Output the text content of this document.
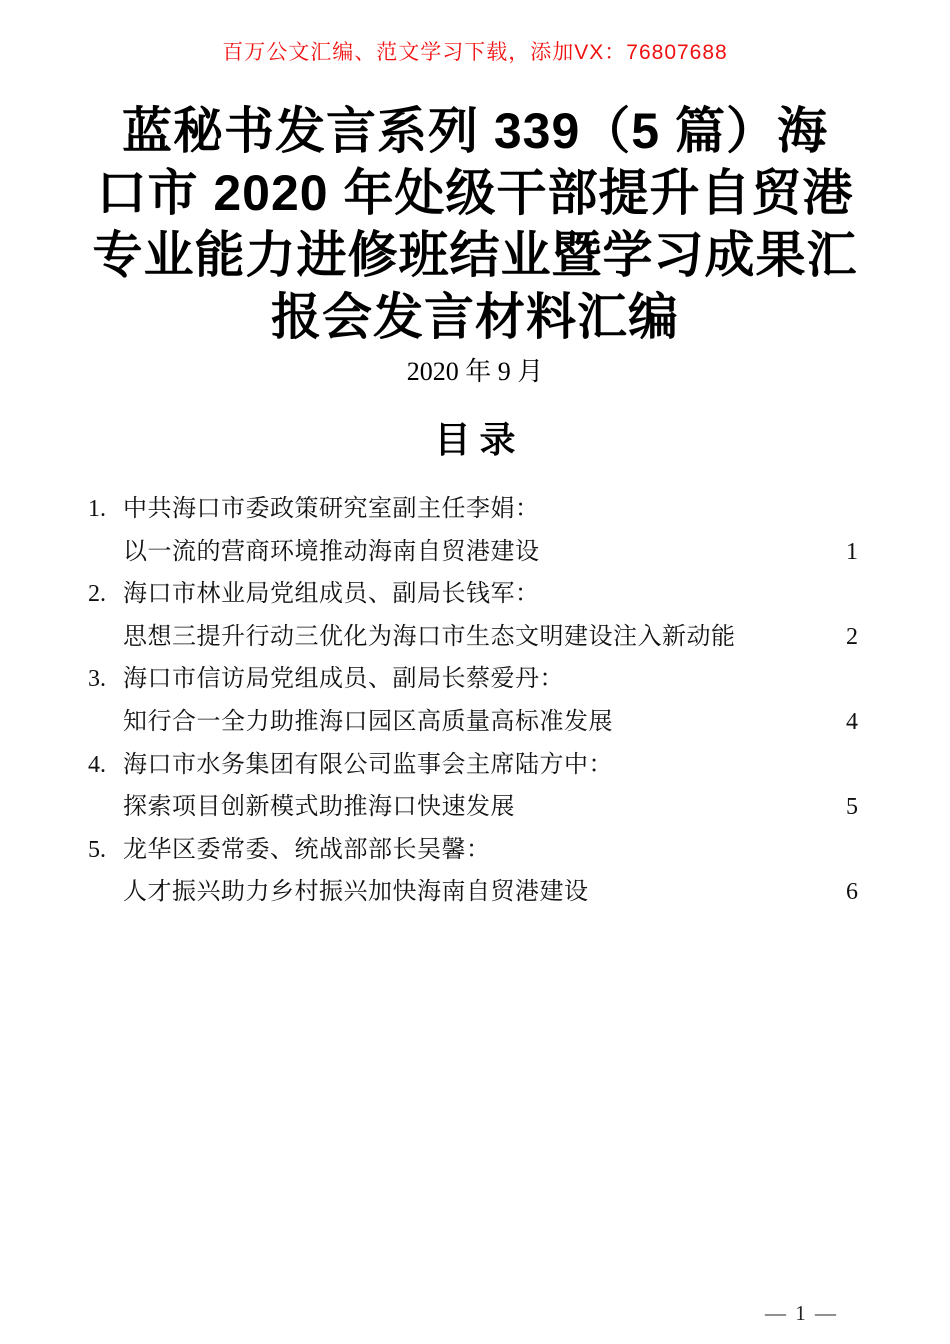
百万公文汇编、范文学习下载，添加VX：76807688
蓝秘书发言系列 339（5 篇）海
口市 2020 年处级干部提升自贸港
专业能力进修班结业暨学习成果汇
报会发言材料汇编
2020 年 9 月
目 录
1. 中共海口市委政策研究室副主任李娟：
以一流的营商环境推动海南自贸港建设	1
2. 海口市林业局党组成员、副局长钱军：
思想三提升行动三优化为海口市生态文明建设注入新动能	2
3. 海口市信访局党组成员、副局长蔡爱丹：
知行合一全力助推海口园区高质量高标准发展	4
4. 海口市水务集团有限公司监事会主席陆方中：
探索项目创新模式助推海口快速发展	5
5. 龙华区委常委、统战部部长吴馨：
人才振兴助力乡村振兴加快海南自贸港建设	6
— 1 —
